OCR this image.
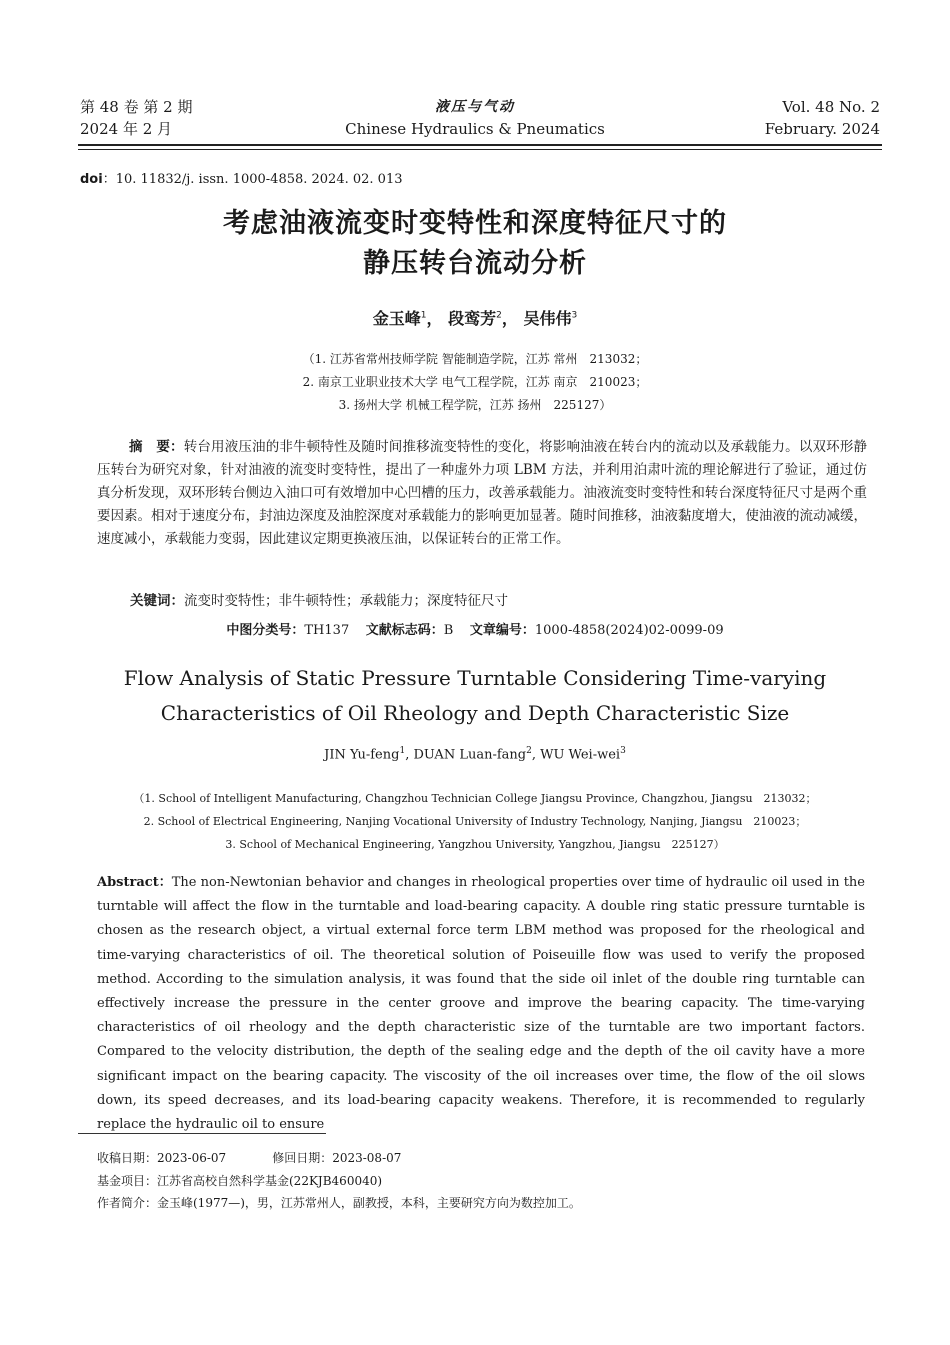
第 48 卷 第 2 期
2024 年 2 月
液压与气动
Chinese Hydraulics & Pneumatics
Vol. 48 No. 2
February. 2024
doi：10. 11832/j. issn. 1000-4858. 2024. 02. 013
考虑油液流变时变特性和深度特征尺寸的
静压转台流动分析
金玉峰$^1$， 段鸾芳$^2$， 吴伟伟$^3$
（1. 江苏省常州技师学院 智能制造学院，江苏 常州　213032；
2. 南京工业职业技术大学 电气工程学院，江苏 南京　210023；
3. 扬州大学 机械工程学院，江苏 扬州　225127）
摘　要：转台用液压油的非牛顿特性及随时间推移流变特性的变化，将影响油液在转台内的流动以及承载能力。以双环形静压转台为研究对象，针对油液的流变时变特性，提出了一种虚外力项 LBM 方法，并利用泊肃叶流的理论解进行了验证，通过仿真分析发现，双环形转台侧边入油口可有效增加中心凹槽的压力，改善承载能力。油液流变时变特性和转台深度特征尺寸是两个重要因素。相对于速度分布，封油边深度及油腔深度对承载能力的影响更加显著。随时间推移，油液黏度增大，使油液的流动减缓，速度减小，承载能力变弱，因此建议定期更换液压油，以保证转台的正常工作。
关键词：流变时变特性；非牛顿特性；承载能力；深度特征尺寸
中图分类号：TH137 文献标志码：B 文章编号：1000-4858(2024)02-0099-09
Flow Analysis of Static Pressure Turntable Considering Time-varying
Characteristics of Oil Rheology and Depth Characteristic Size
JIN Yu-feng$^1$, DUAN Luan-fang$^2$, WU Wei-wei$^3$
（1. School of Intelligent Manufacturing, Changzhou Technician College Jiangsu Province, Changzhou, Jiangsu　213032；
2. School of Electrical Engineering, Nanjing Vocational University of Industry Technology, Nanjing, Jiangsu　210023；
3. School of Mechanical Engineering, Yangzhou University, Yangzhou, Jiangsu　225127）
Abstract：The non-Newtonian behavior and changes in rheological properties over time of hydraulic oil used in the turntable will affect the flow in the turntable and load-bearing capacity. A double ring static pressure turntable is chosen as the research object, a virtual external force term LBM method was proposed for the rheological and time-varying characteristics of oil. The theoretical solution of Poiseuille flow was used to verify the proposed method. According to the simulation analysis, it was found that the side oil inlet of the double ring turntable can effectively increase the pressure in the center groove and improve the bearing capacity. The time-varying characteristics of oil rheology and the depth characteristic size of the turntable are two important factors. Compared to the velocity distribution, the depth of the sealing edge and the depth of the oil cavity have a more significant impact on the bearing capacity. The viscosity of the oil increases over time, the flow of the oil slows down, its speed decreases, and its load-bearing capacity weakens. Therefore, it is recommended to regularly replace the hydraulic oil to ensure
收稿日期：2023-06-07	修回日期：2023-08-07
基金项目：江苏省高校自然科学基金(22KJB460040)
作者简介：金玉峰(1977—)，男，江苏常州人，副教授，本科，主要研究方向为数控加工。
